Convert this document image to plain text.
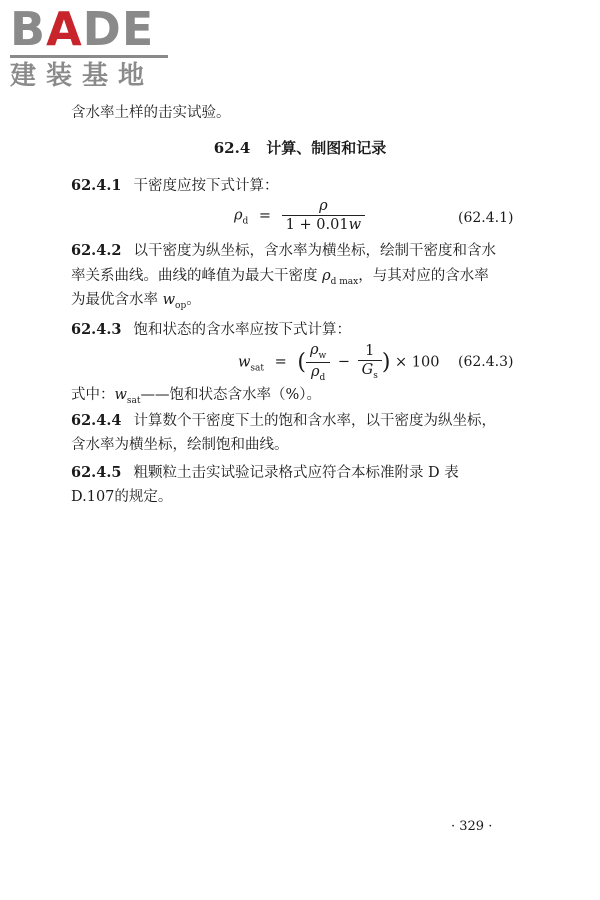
BADE
建装基地
含水率土样的击实试验。
62.4 计算、制图和记录
62.4.1 干密度应按下式计算：
$\rho_d = \frac{\rho}{1 + 0.01w}$	(62.4.1)
62.4.2 以干密度为纵坐标，含水率为横坐标，绘制干密度和含水
率关系曲线。曲线的峰值为最大干密度 $\rho_{d max}$，与其对应的含水率
为最优含水率 $w_{op}$。
62.4.3 饱和状态的含水率应按下式计算：
$w_{sat}$ = ( $\frac{\rho_w}{\rho_d} - \frac{1}{G_s}$ ) × 100 (62.4.3)
式中：$w_{sat}——$饱和状态含水率（%）。
62.4.4 计算数个干密度下土的饱和含水率，以干密度为纵坐标，
含水率为横坐标，绘制饱和曲线。
62.4.5 粗颗粒土击实试验记录格式应符合本标准附录 D 表
D.107的规定。
· 329 ·
